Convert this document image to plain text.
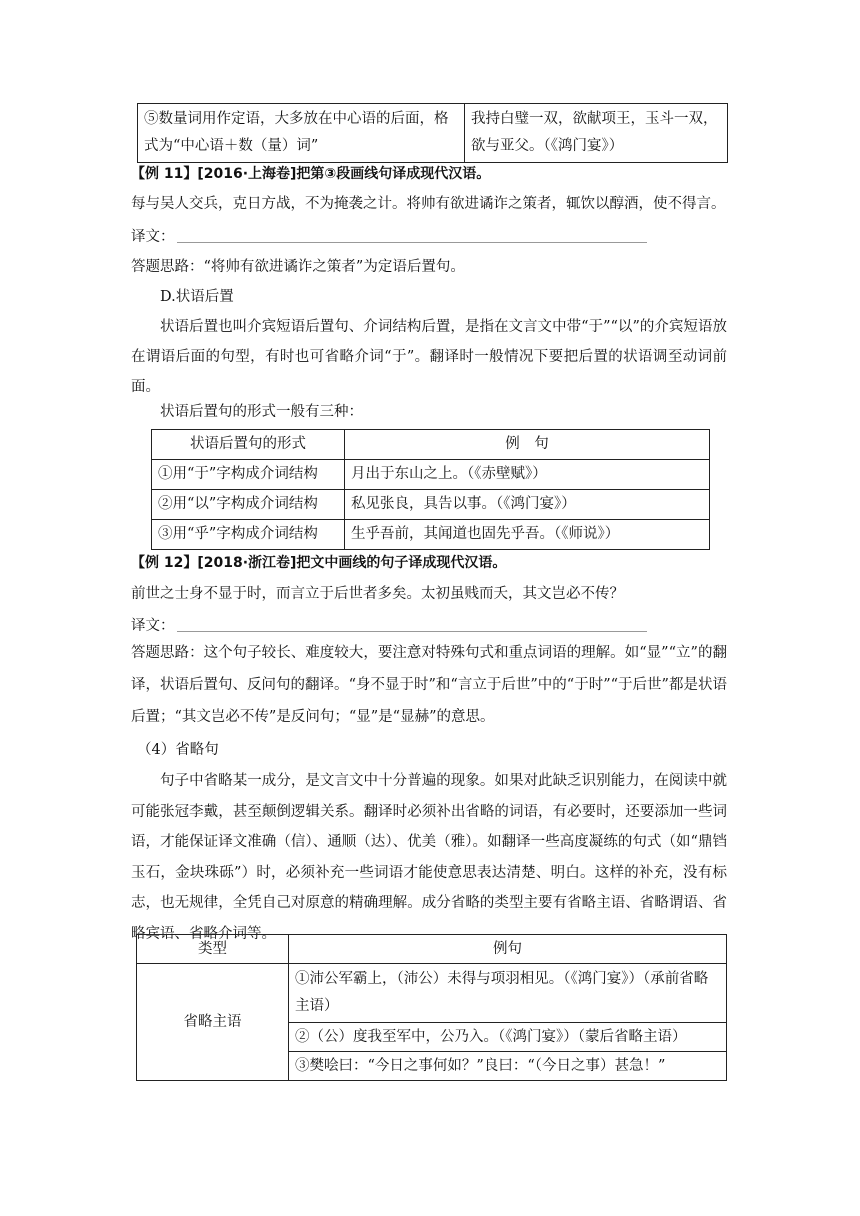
⑤数量词用作定语，大多放在中心语的后面，格式为“中心语＋数（量）词”	我持白璧一双，欲献项王，玉斗一双，欲与亚父。（《鸿门宴》）
【例 11】[2016·上海卷]把第③段画线句译成现代汉语。
每与吴人交兵，克日方战，不为掩袭之计。将帅有欲进谲诈之策者，辄饮以醇酒，使不得言。
译文：
答题思路：“将帅有欲进谲诈之策者”为定语后置句。
D.状语后置
状语后置也叫介宾短语后置句、介词结构后置，是指在文言文中带“于”“以”的介宾短语放在谓语后面的句型，有时也可省略介词“于”。翻译时一般情况下要把后置的状语调至动词前面。
状语后置句的形式一般有三种：
状语后置句的形式	例　句
①用“于”字构成介词结构	月出于东山之上。（《赤壁赋》）
②用“以”字构成介词结构	私见张良，具告以事。（《鸿门宴》）
③用“乎”字构成介词结构	生乎吾前，其闻道也固先乎吾。（《师说》）
【例 12】[2018·浙江卷]把文中画线的句子译成现代汉语。
前世之士身不显于时，而言立于后世者多矣。太初虽贱而夭，其文岂必不传？
译文：
答题思路：这个句子较长、难度较大，要注意对特殊句式和重点词语的理解。如“显”“立”的翻译，状语后置句、反问句的翻译。“身不显于时”和“言立于后世”中的“于时”“于后世”都是状语后置；“其文岂必不传”是反问句；“显”是“显赫”的意思。
（4）省略句
句子中省略某一成分，是文言文中十分普遍的现象。如果对此缺乏识别能力，在阅读中就可能张冠李戴，甚至颠倒逻辑关系。翻译时必须补出省略的词语，有必要时，还要添加一些词语，才能保证译文准确（信）、通顺（达）、优美（雅）。如翻译一些高度凝练的句式（如“鼎铛玉石，金块珠砾”）时，必须补充一些词语才能使意思表达清楚、明白。这样的补充，没有标志，也无规律，全凭自己对原意的精确理解。成分省略的类型主要有省略主语、省略谓语、省略宾语、省略介词等。
类型	例句
省略主语	①沛公军霸上，（沛公）未得与项羽相见。（《鸿门宴》）（承前省略主语）
	②（公）度我至军中，公乃入。（《鸿门宴》）（蒙后省略主语）
	③樊哙曰：“今日之事何如？”良曰：“（今日之事）甚急！”
